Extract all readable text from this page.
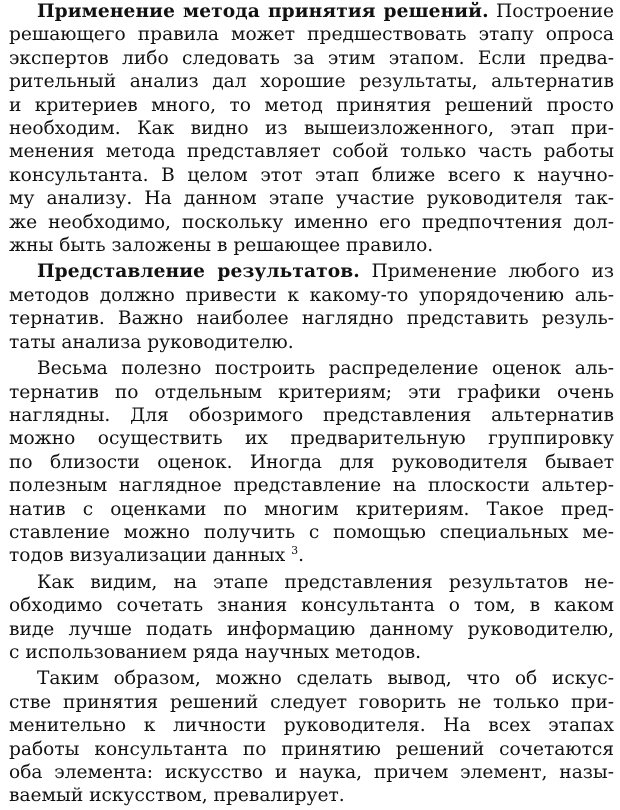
Применение метода принятия решений. Построение
решающего правила может предшествовать этапу опроса
экспертов либо следовать за этим этапом. Если предва-
рительный анализ дал хорошие результаты, альтернатив
и критериев много, то метод принятия решений просто
необходим. Как видно из вышеизложенного, этап при-
менения метода представляет собой только часть работы
консультанта. В целом этот этап ближе всего к научно-
му анализу. На данном этапе участие руководителя так-
же необходимо, поскольку именно его предпочтения дол-
жны быть заложены в решающее правило.
Представление результатов. Применение любого из
методов должно привести к какому-то упорядочению аль-
тернатив. Важно наиболее наглядно представить резуль-
таты анализа руководителю.
Весьма полезно построить распределение оценок аль-
тернатив по отдельным критериям; эти графики очень
наглядны. Для обозримого представления альтернатив
можно осуществить их предварительную группировку
по близости оценок. Иногда для руководителя бывает
полезным наглядное представление на плоскости альтер-
натив с оценками по многим критериям. Такое пред-
ставление можно получить с помощью специальных ме-
тодов визуализации данных $^3$.
Как видим, на этапе представления результатов не-
обходимо сочетать знания консультанта о том, в каком
виде лучше подать информацию данному руководителю,
с использованием ряда научных методов.
Таким образом, можно сделать вывод, что об искус-
стве принятия решений следует говорить не только при-
менительно к личности руководителя. На всех этапах
работы консультанта по принятию решений сочетаются
оба элемента: искусство и наука, причем элемент, назы-
ваемый искусством, превалирует.
